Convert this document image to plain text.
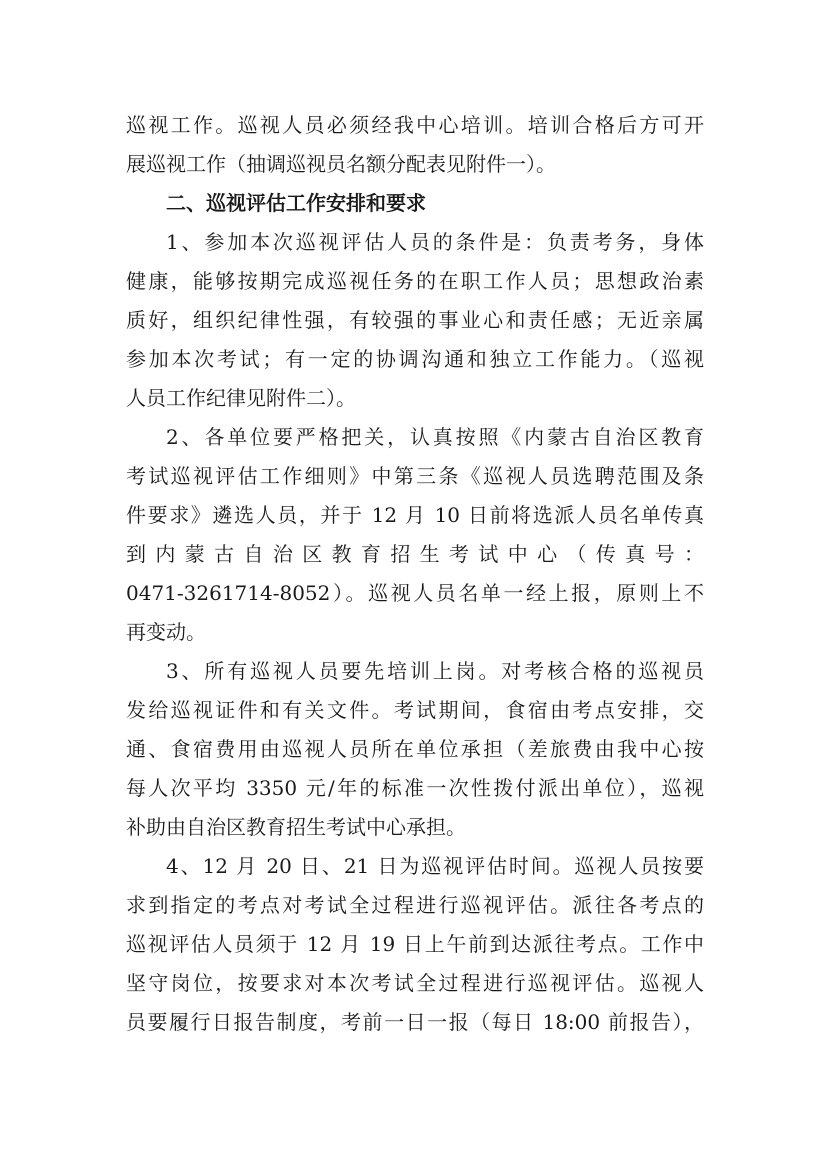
巡视工作。巡视人员必须经我中心培训。培训合格后方可开
展巡视工作（抽调巡视员名额分配表见附件一）。
二、巡视评估工作安排和要求
1、参加本次巡视评估人员的条件是：负责考务，身体
健康，能够按期完成巡视任务的在职工作人员；思想政治素
质好，组织纪律性强，有较强的事业心和责任感；无近亲属
参加本次考试；有一定的协调沟通和独立工作能力。（巡视
人员工作纪律见附件二）。
2、各单位要严格把关，认真按照《内蒙古自治区教育
考试巡视评估工作细则》中第三条《巡视人员选聘范围及条
件要求》遴选人员，并于 12 月 10 日前将选派人员名单传真
到内蒙古自治区教育招生考试中心（传真号：
0471-3261714-8052）。巡视人员名单一经上报，原则上不
再变动。
3、所有巡视人员要先培训上岗。对考核合格的巡视员
发给巡视证件和有关文件。考试期间，食宿由考点安排，交
通、食宿费用由巡视人员所在单位承担（差旅费由我中心按
每人次平均 3350 元/年的标准一次性拨付派出单位），巡视
补助由自治区教育招生考试中心承担。
4、12 月 20 日、21 日为巡视评估时间。巡视人员按要
求到指定的考点对考试全过程进行巡视评估。派往各考点的
巡视评估人员须于 12 月 19 日上午前到达派往考点。工作中
坚守岗位，按要求对本次考试全过程进行巡视评估。巡视人
员要履行日报告制度，考前一日一报（每日 18:00 前报告），
